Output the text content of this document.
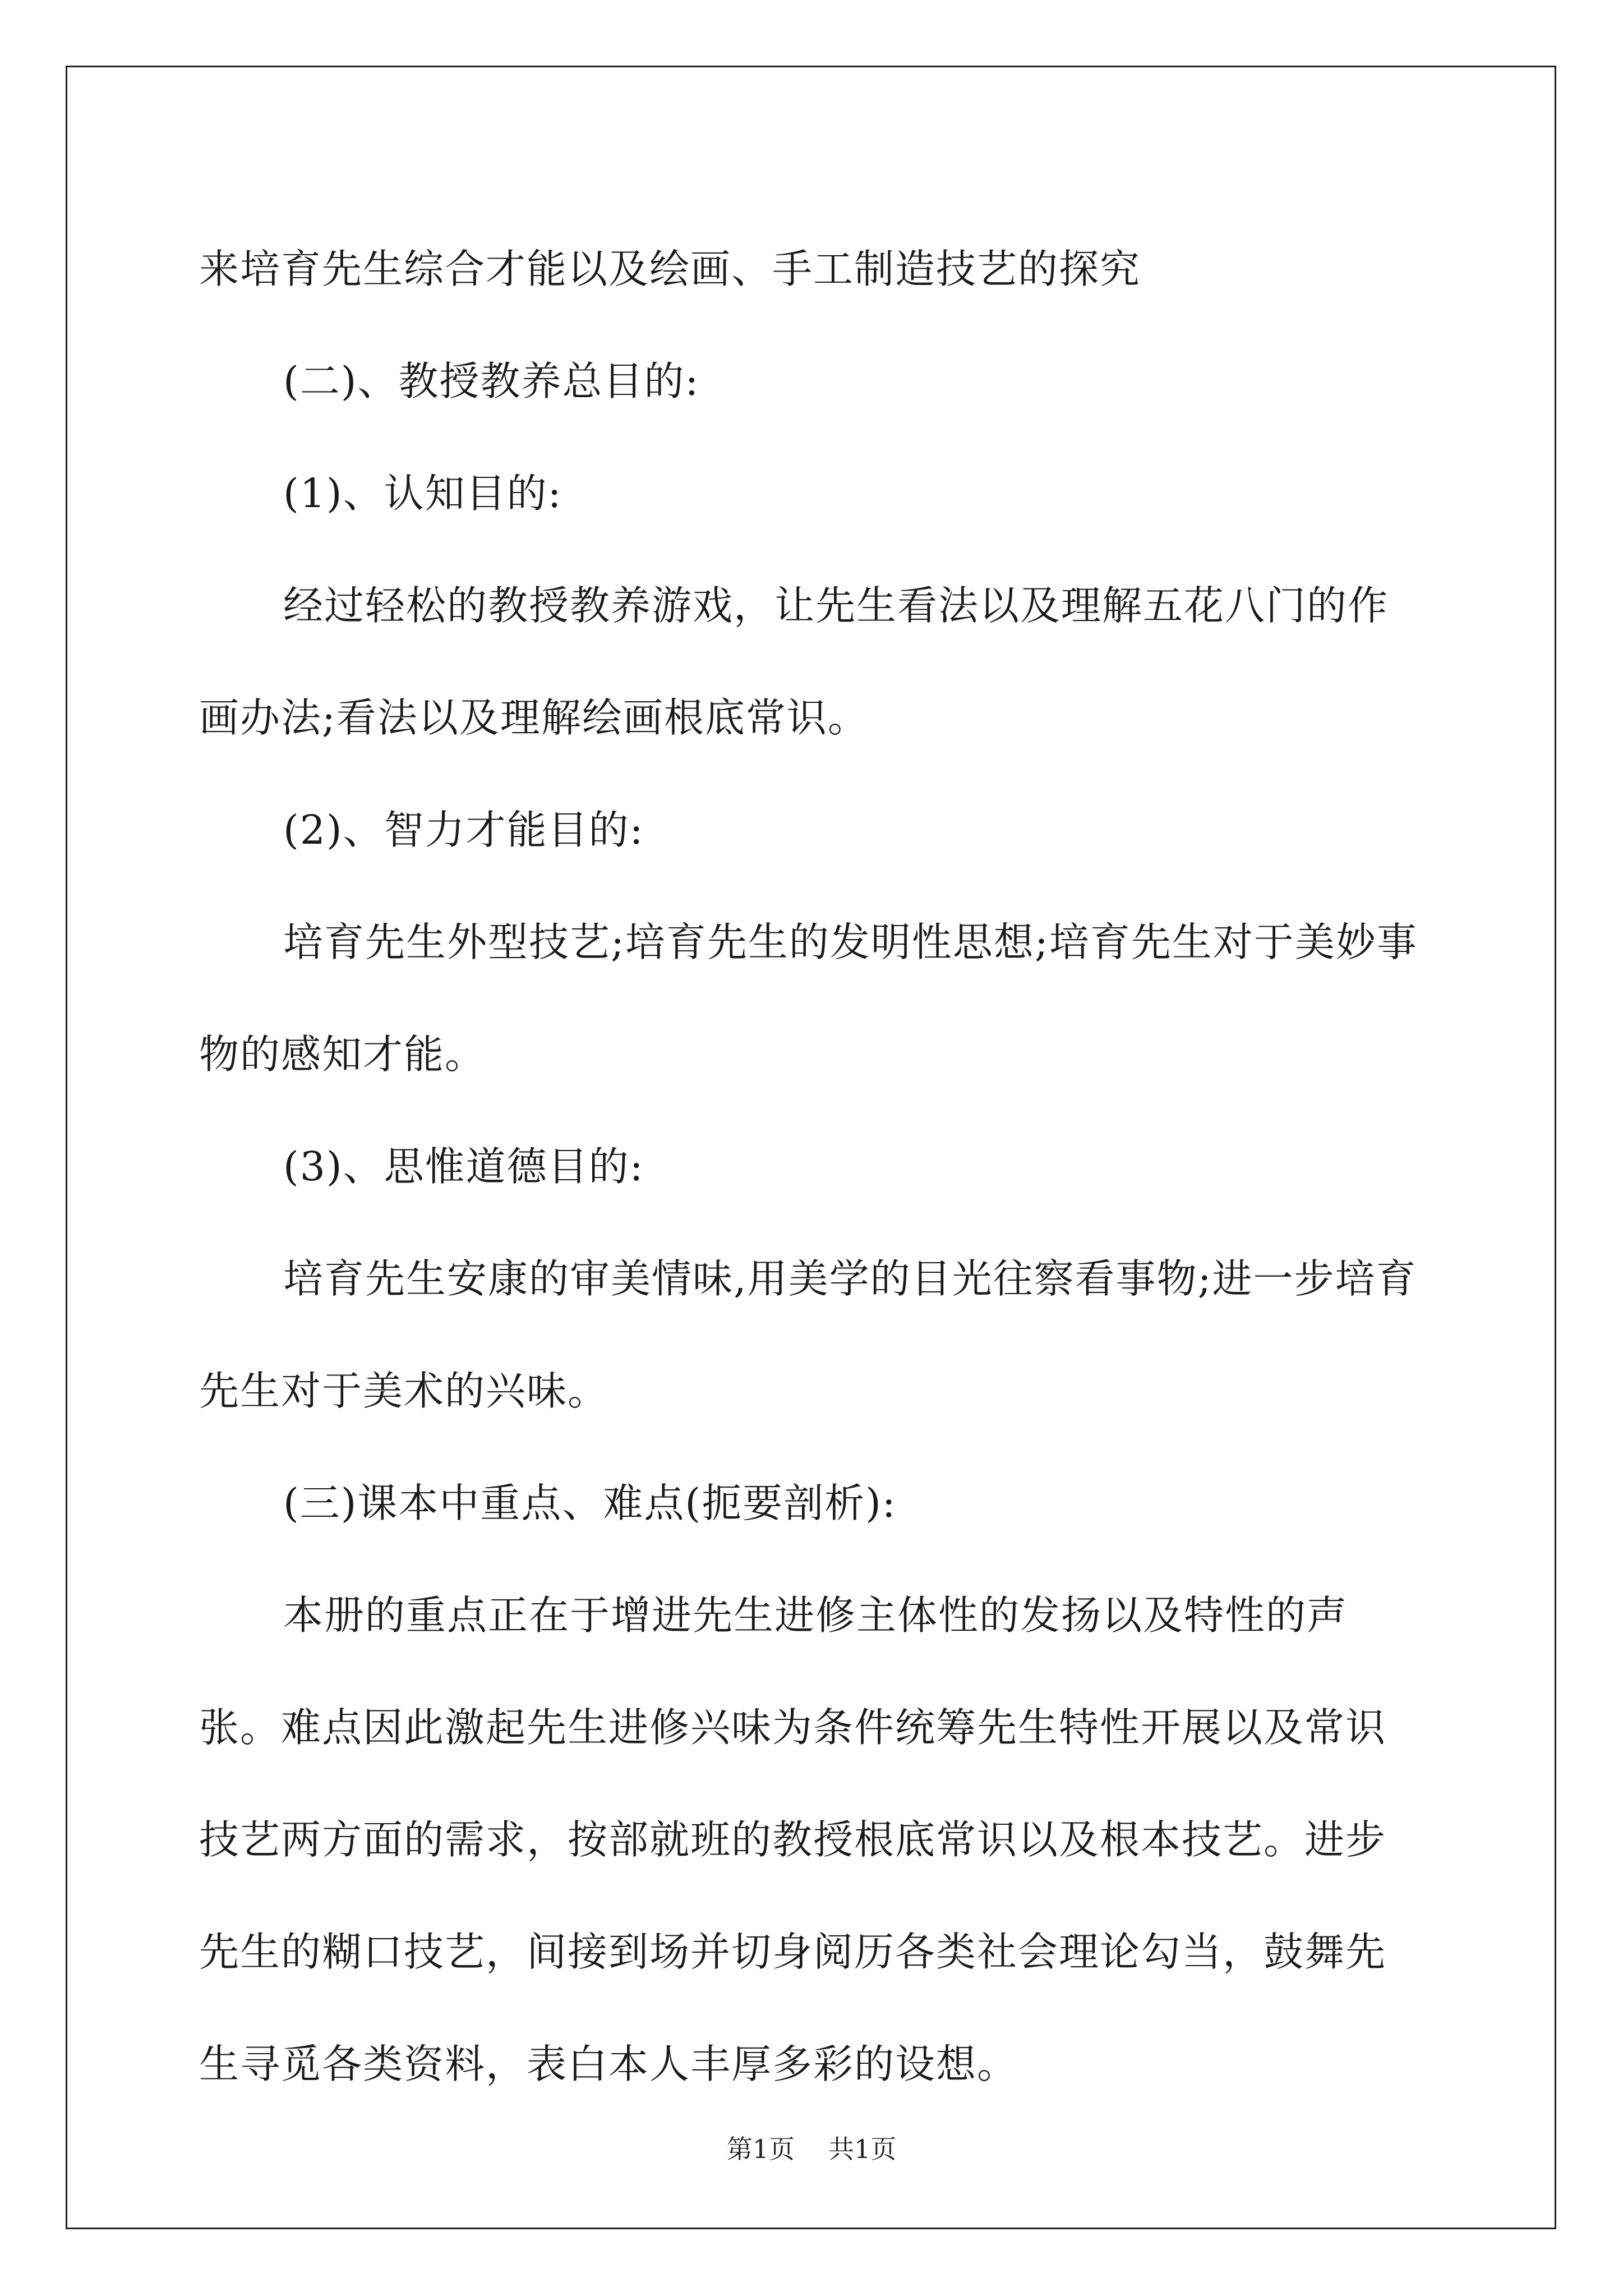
来培育先生综合才能以及绘画、手工制造技艺的探究

(二)、教授教养总目的:

(1)、认知目的:

经过轻松的教授教养游戏，让先生看法以及理解五花八门的作画办法;看法以及理解绘画根底常识。

(2)、智力才能目的:

培育先生外型技艺;培育先生的发明性思想;培育先生对于美妙事物的感知才能。

(3)、思惟道德目的:

培育先生安康的审美情味,用美学的目光往察看事物;进一步培育先生对于美术的兴味。

(三)课本中重点、难点(扼要剖析):

本册的重点正在于增进先生进修主体性的发扬以及特性的声张。难点因此激起先生进修兴味为条件统筹先生特性开展以及常识技艺两方面的需求，按部就班的教授根底常识以及根本技艺。进步先生的糊口技艺，间接到场并切身阅历各类社会理论勾当，鼓舞先生寻觅各类资料，表白本人丰厚多彩的设想。

第1页 共1页
